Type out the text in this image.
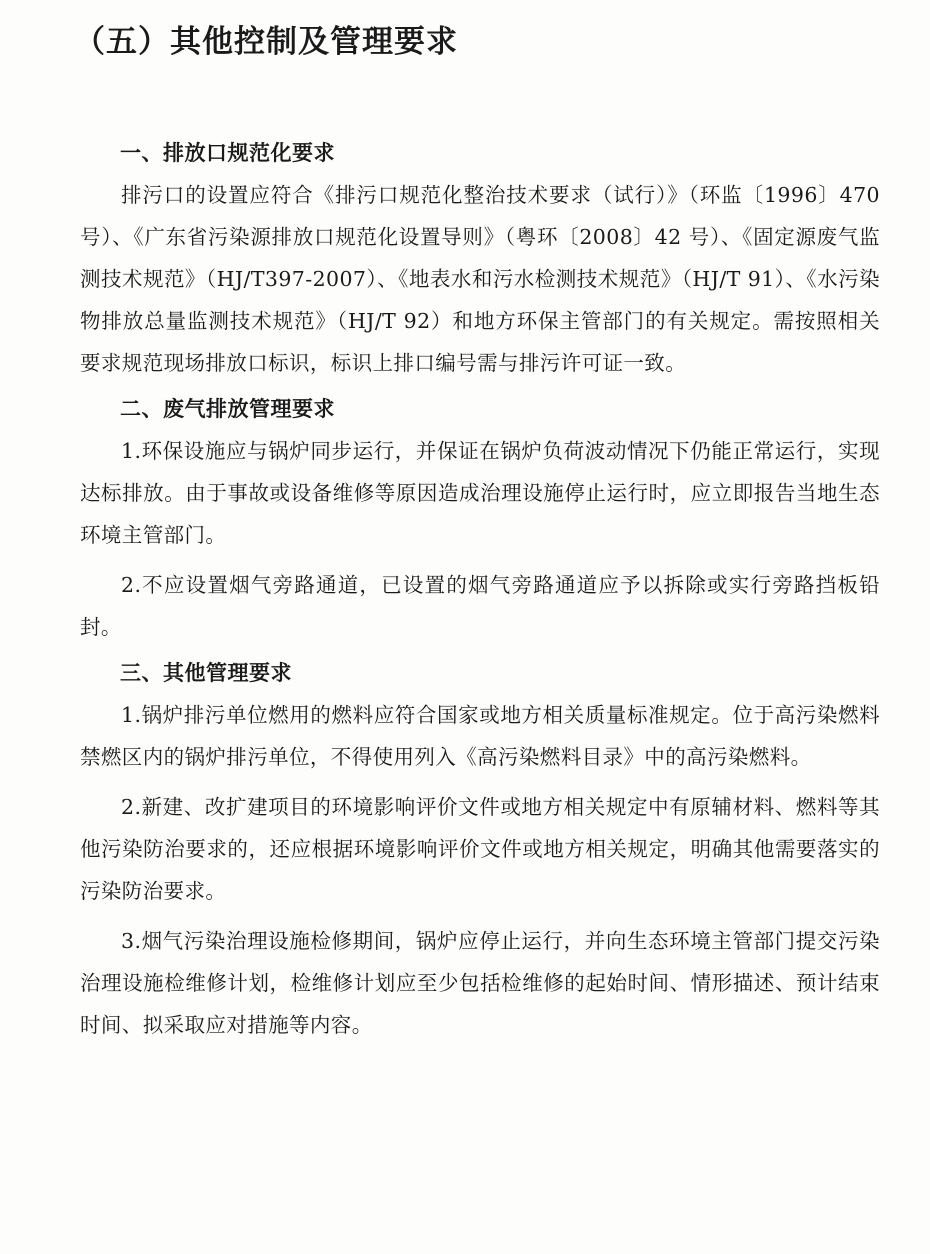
（五）其他控制及管理要求
一、排放口规范化要求

排污口的设置应符合《排污口规范化整治技术要求（试行）》（环监〔1996〕470 号）、《广东省污染源排放口规范化设置导则》（粤环〔2008〕42 号）、《固定源废气监测技术规范》（HJ/T397-2007）、《地表水和污水检测技术规范》（HJ/T 91）、《水污染物排放总量监测技术规范》（HJ/T 92）和地方环保主管部门的有关规定。需按照相关要求规范现场排放口标识，标识上排口编号需与排污许可证一致。

二、废气排放管理要求

1.环保设施应与锅炉同步运行，并保证在锅炉负荷波动情况下仍能正常运行，实现达标排放。由于事故或设备维修等原因造成治理设施停止运行时，应立即报告当地生态环境主管部门。

2.不应设置烟气旁路通道，已设置的烟气旁路通道应予以拆除或实行旁路挡板铅封。

三、其他管理要求

1.锅炉排污单位燃用的燃料应符合国家或地方相关质量标准规定。位于高污染燃料禁燃区内的锅炉排污单位，不得使用列入《高污染燃料目录》中的高污染燃料。

2.新建、改扩建项目的环境影响评价文件或地方相关规定中有原辅材料、燃料等其他污染防治要求的，还应根据环境影响评价文件或地方相关规定，明确其他需要落实的污染防治要求。

3.烟气污染治理设施检修期间，锅炉应停止运行，并向生态环境主管部门提交污染治理设施检维修计划，检维修计划应至少包括检维修的起始时间、情形描述、预计结束时间、拟采取应对措施等内容。
